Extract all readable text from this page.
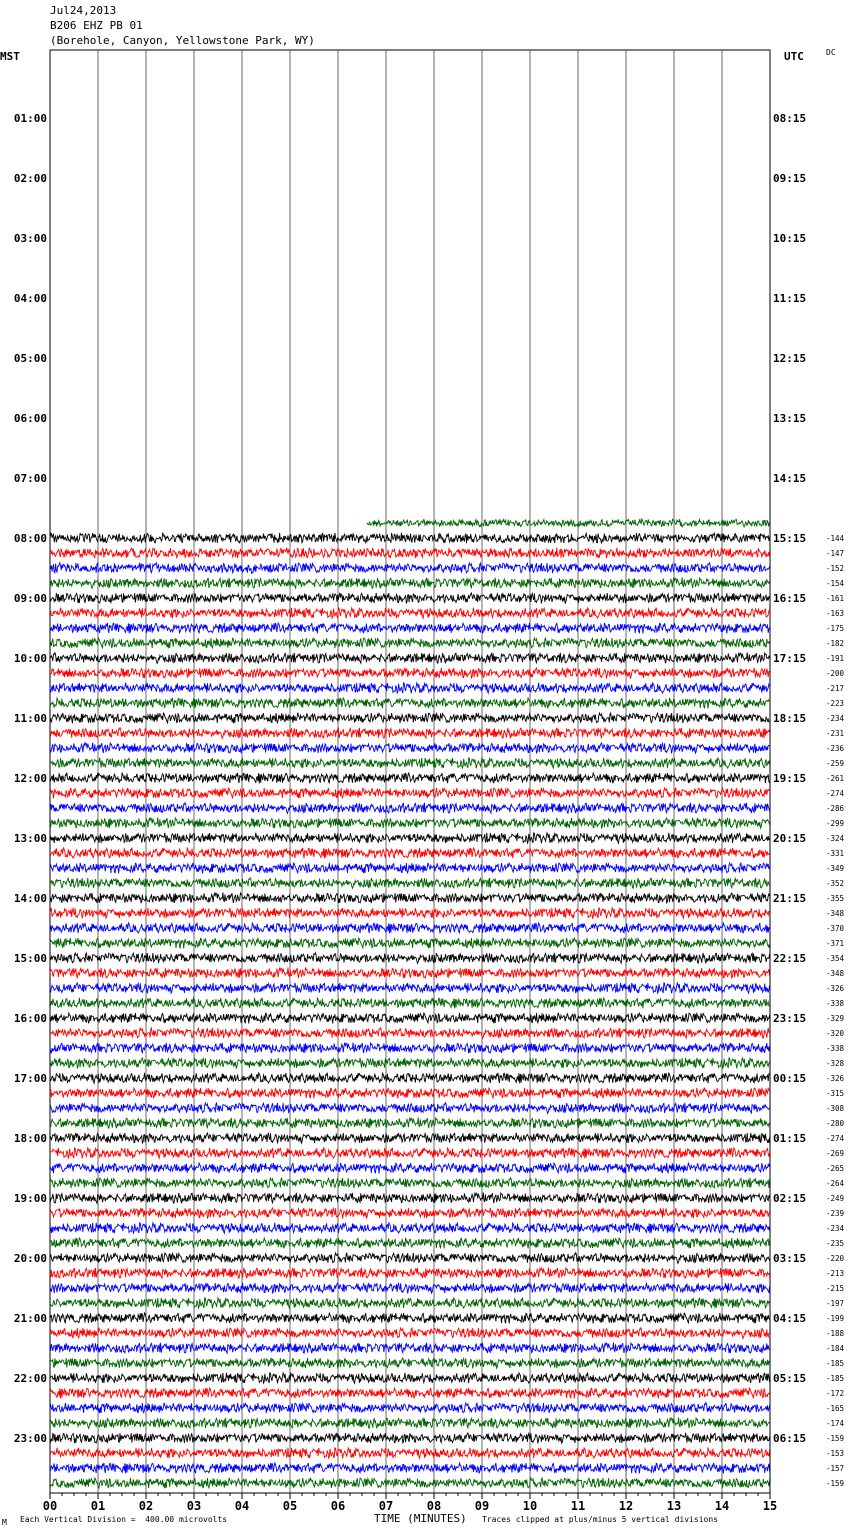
Jul24,2013
B206 EHZ PB 01
(Borehole, Canyon, Yellowstone Park, WY)
MST	UTC	DC
00	01	02	03	04	05	06	07	08	09	10	11	12	13	14	15
01:00
02:00
03:00
04:00
05:00
06:00
07:00
08:00
09:00
10:00
11:00
12:00
13:00
14:00
15:00
16:00
17:00
18:00
19:00
20:00
21:00
22:00
23:00
08:15
09:15
10:15
11:15
12:15
13:15
14:15
15:15
16:15
17:15
18:15
19:15
20:15
21:15
22:15
23:15
00:15
01:15
02:15
03:15
04:15
05:15
06:15
-144
-147
-152
-154
-161
-163
-175
-182
-191
-200
-217
-223
-234
-231
-236
-259
-261
-274
-286
-299
-324
-331
-349
-352
-355
-348
-370
-371
-354
-348
-326
-338
-329
-320
-338
-328
-326
-315
-308
-280
-274
-269
-265
-264
-249
-239
-234
-235
-220
-213
-215
-197
-199
-188
-184
-185
-185
-172
-165
-174
-159
-153
-157
-159
M Each Vertical Division =  400.00 microvolts	TIME (MINUTES) Traces clipped at plus/minus 5 vertical divisions
